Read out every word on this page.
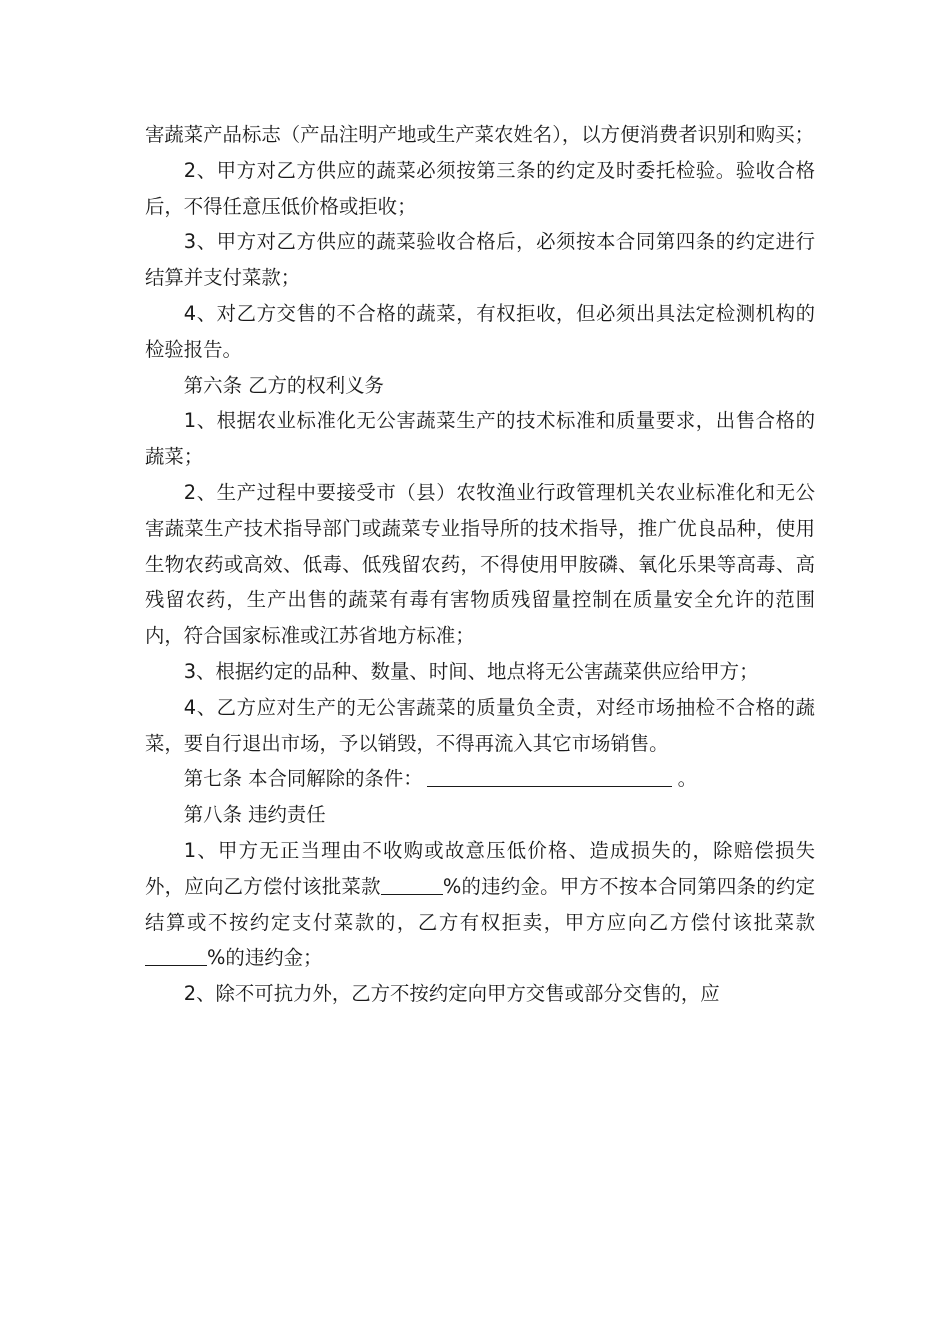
害蔬菜产品标志（产品注明产地或生产菜农姓名），以方便消费者识别和购买；

2、甲方对乙方供应的蔬菜必须按第三条的约定及时委托检验。验收合格后，不得任意压低价格或拒收；

3、甲方对乙方供应的蔬菜验收合格后，必须按本合同第四条的约定进行结算并支付菜款；

4、对乙方交售的不合格的蔬菜，有权拒收，但必须出具法定检测机构的检验报告。

第六条 乙方的权利义务

1、根据农业标准化无公害蔬菜生产的技术标准和质量要求，出售合格的蔬菜；

2、生产过程中要接受市（县）农牧渔业行政管理机关农业标准化和无公害蔬菜生产技术指导部门或蔬菜专业指导所的技术指导，推广优良品种，使用生物农药或高效、低毒、低残留农药，不得使用甲胺磷、氧化乐果等高毒、高残留农药，生产出售的蔬菜有毒有害物质残留量控制在质量安全允许的范围内，符合国家标准或江苏省地方标准；

3、根据约定的品种、数量、时间、地点将无公害蔬菜供应给甲方；

4、乙方应对生产的无公害蔬菜的质量负全责，对经市场抽检不合格的蔬菜，要自行退出市场，予以销毁，不得再流入其它市场销售。

第七条 本合同解除的条件：	。

第八条 违约责任

1、甲方无正当理由不收购或故意压低价格、造成损失的，除赔偿损失外，应向乙方偿付该批菜款	%的违约金。甲方不按本合同第四条的约定结算或不按约定支付菜款的，乙方有权拒卖，甲方应向乙方偿付该批菜款%的违约金；

2、除不可抗力外，乙方不按约定向甲方交售或部分交售的，应
